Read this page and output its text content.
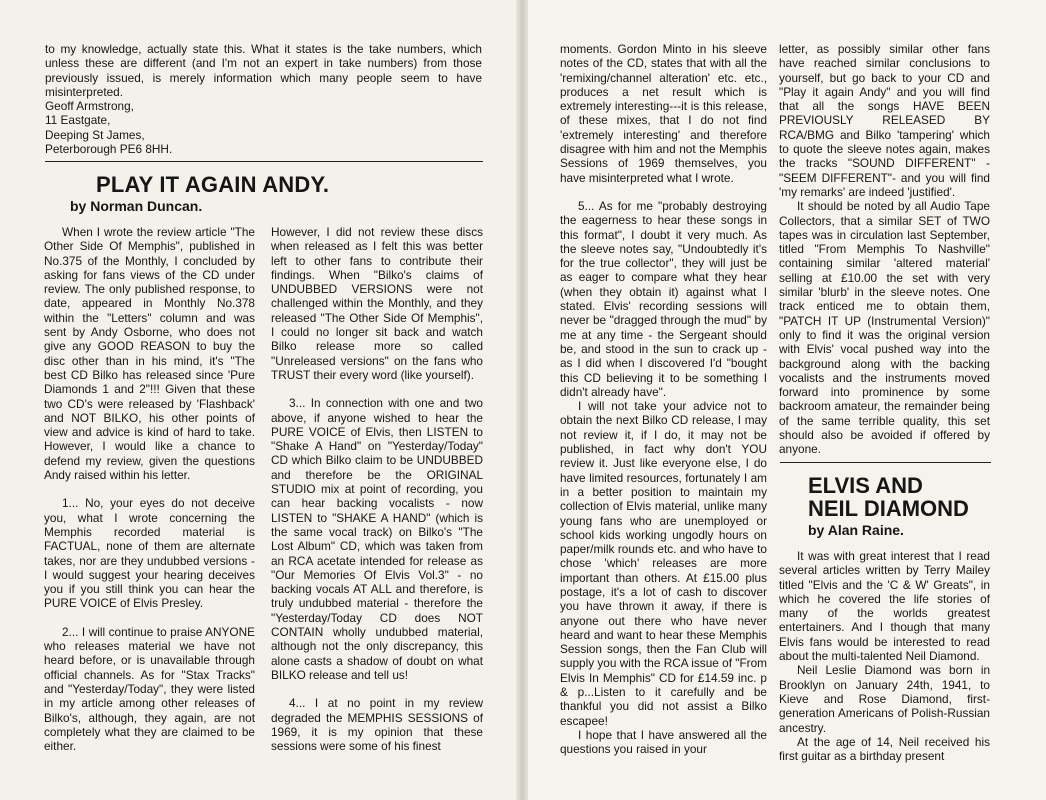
to my knowledge, actually state this. What it states is the take numbers, which unless these are different (and I'm not an expert in take numbers) from those previously issued, is merely information which many people seem to have misinterpreted.

Geoff Armstrong,
11 Eastgate,
Deeping St James,
Peterborough PE6 8HH.

PLAY IT AGAIN ANDY.
by Norman Duncan.

When I wrote the review article "The Other Side Of Memphis", published in No.375 of the Monthly, I concluded by asking for fans views of the CD under review. The only published response, to date, appeared in Monthly No.378 within the "Letters" column and was sent by Andy Osborne, who does not give any GOOD REASON to buy the disc other than in his mind, it's "The best CD Bilko has released since 'Pure Diamonds 1 and 2"!!! Given that these two CD's were released by 'Flashback' and NOT BILKO, his other points of view and advice is kind of hard to take. However, I would like a chance to defend my review, given the questions Andy raised within his letter.

1... No, your eyes do not deceive you, what I wrote concerning the Memphis recorded material is FACTUAL, none of them are alternate takes, nor are they undubbed versions - I would suggest your hearing deceives you if you still think you can hear the PURE VOICE of Elvis Presley.

2... I will continue to praise ANYONE who releases material we have not heard before, or is unavailable through official channels. As for "Stax Tracks" and "Yesterday/Today", they were listed in my article among other releases of Bilko's, although, they again, are not completely what they are claimed to be either.

However, I did not review these discs when released as I felt this was better left to other fans to contribute their findings. When "Bilko's claims of UNDUBBED VERSIONS were not challenged within the Monthly, and they released "The Other Side Of Memphis", I could no longer sit back and watch Bilko release more so called "Unreleased versions" on the fans who TRUST their every word (like yourself).

3... In connection with one and two above, if anyone wished to hear the PURE VOICE of Elvis, then LISTEN to "Shake A Hand" on "Yesterday/Today" CD which Bilko claim to be UNDUBBED and therefore be the ORIGINAL STUDIO mix at point of recording, you can hear backing vocalists - now LISTEN to "SHAKE A HAND" (which is the same vocal track) on Bilko's "The Lost Album" CD, which was taken from an RCA acetate intended for release as "Our Memories Of Elvis Vol.3" - no backing vocals AT ALL and therefore, is truly undubbed material - therefore the "Yesterday/Today CD does NOT CONTAIN wholly undubbed material, although not the only discrepancy, this alone casts a shadow of doubt on what BILKO release and tell us!

4... I at no point in my review degraded the MEMPHIS SESSIONS of 1969, it is my opinion that these sessions were some of his finest

moments. Gordon Minto in his sleeve notes of the CD, states that with all the 'remixing/channel alteration' etc. etc., produces a net result which is extremely interesting---it is this release, of these mixes, that I do not find 'extremely interesting' and therefore disagree with him and not the Memphis Sessions of 1969 themselves, you have misinterpreted what I wrote.

5... As for me "probably destroying the eagerness to hear these songs in this format", I doubt it very much. As the sleeve notes say, "Undoubtedly it's for the true collector", they will just be as eager to compare what they hear (when they obtain it) against what I stated. Elvis' recording sessions will never be "dragged through the mud" by me at any time - the Sergeant should be, and stood in the sun to crack up - as I did when I discovered I'd "bought this CD believing it to be something I didn't already have".

I will not take your advice not to obtain the next Bilko CD release, I may not review it, if I do, it may not be published, in fact why don't YOU review it. Just like everyone else, I do have limited resources, fortunately I am in a better position to maintain my collection of Elvis material, unlike many young fans who are unemployed or school kids working ungodly hours on paper/milk rounds etc. and who have to chose 'which' releases are more important than others. At £15.00 plus postage, it's a lot of cash to discover you have thrown it away, if there is anyone out there who have never heard and want to hear these Memphis Session songs, then the Fan Club will supply you with the RCA issue of "From Elvis In Memphis" CD for £14.59 inc. p & p...Listen to it carefully and be thankful you did not assist a Bilko escapee!

I hope that I have answered all the questions you raised in your

letter, as possibly similar other fans have reached similar conclusions to yourself, but go back to your CD and "Play it again Andy" and you will find that all the songs HAVE BEEN PREVIOUSLY RELEASED BY RCA/BMG and Bilko 'tampering' which to quote the sleeve notes again, makes the tracks "SOUND DIFFERENT" - "SEEM DIFFERENT"- and you will find 'my remarks' are indeed 'justified'.

It should be noted by all Audio Tape Collectors, that a similar SET of TWO tapes was in circulation last September, titled "From Memphis To Nashville" containing similar 'altered material' selling at £10.00 the set with very similar 'blurb' in the sleeve notes. One track enticed me to obtain them, "PATCH IT UP (Instrumental Version)" only to find it was the original version with Elvis' vocal pushed way into the background along with the backing vocalists and the instruments moved forward into prominence by some backroom amateur, the remainder being of the same terrible quality, this set should also be avoided if offered by anyone.

ELVIS AND
NEIL DIAMOND
by Alan Raine.

It was with great interest that I read several articles written by Terry Mailey titled "Elvis and the 'C & W' Greats", in which he covered the life stories of many of the worlds greatest entertainers. And I though that many Elvis fans would be interested to read about the multi-talented Neil Diamond.

Neil Leslie Diamond was born in Brooklyn on January 24th, 1941, to Kieve and Rose Diamond, first-generation Americans of Polish-Russian ancestry.

At the age of 14, Neil received his first guitar as a birthday present
